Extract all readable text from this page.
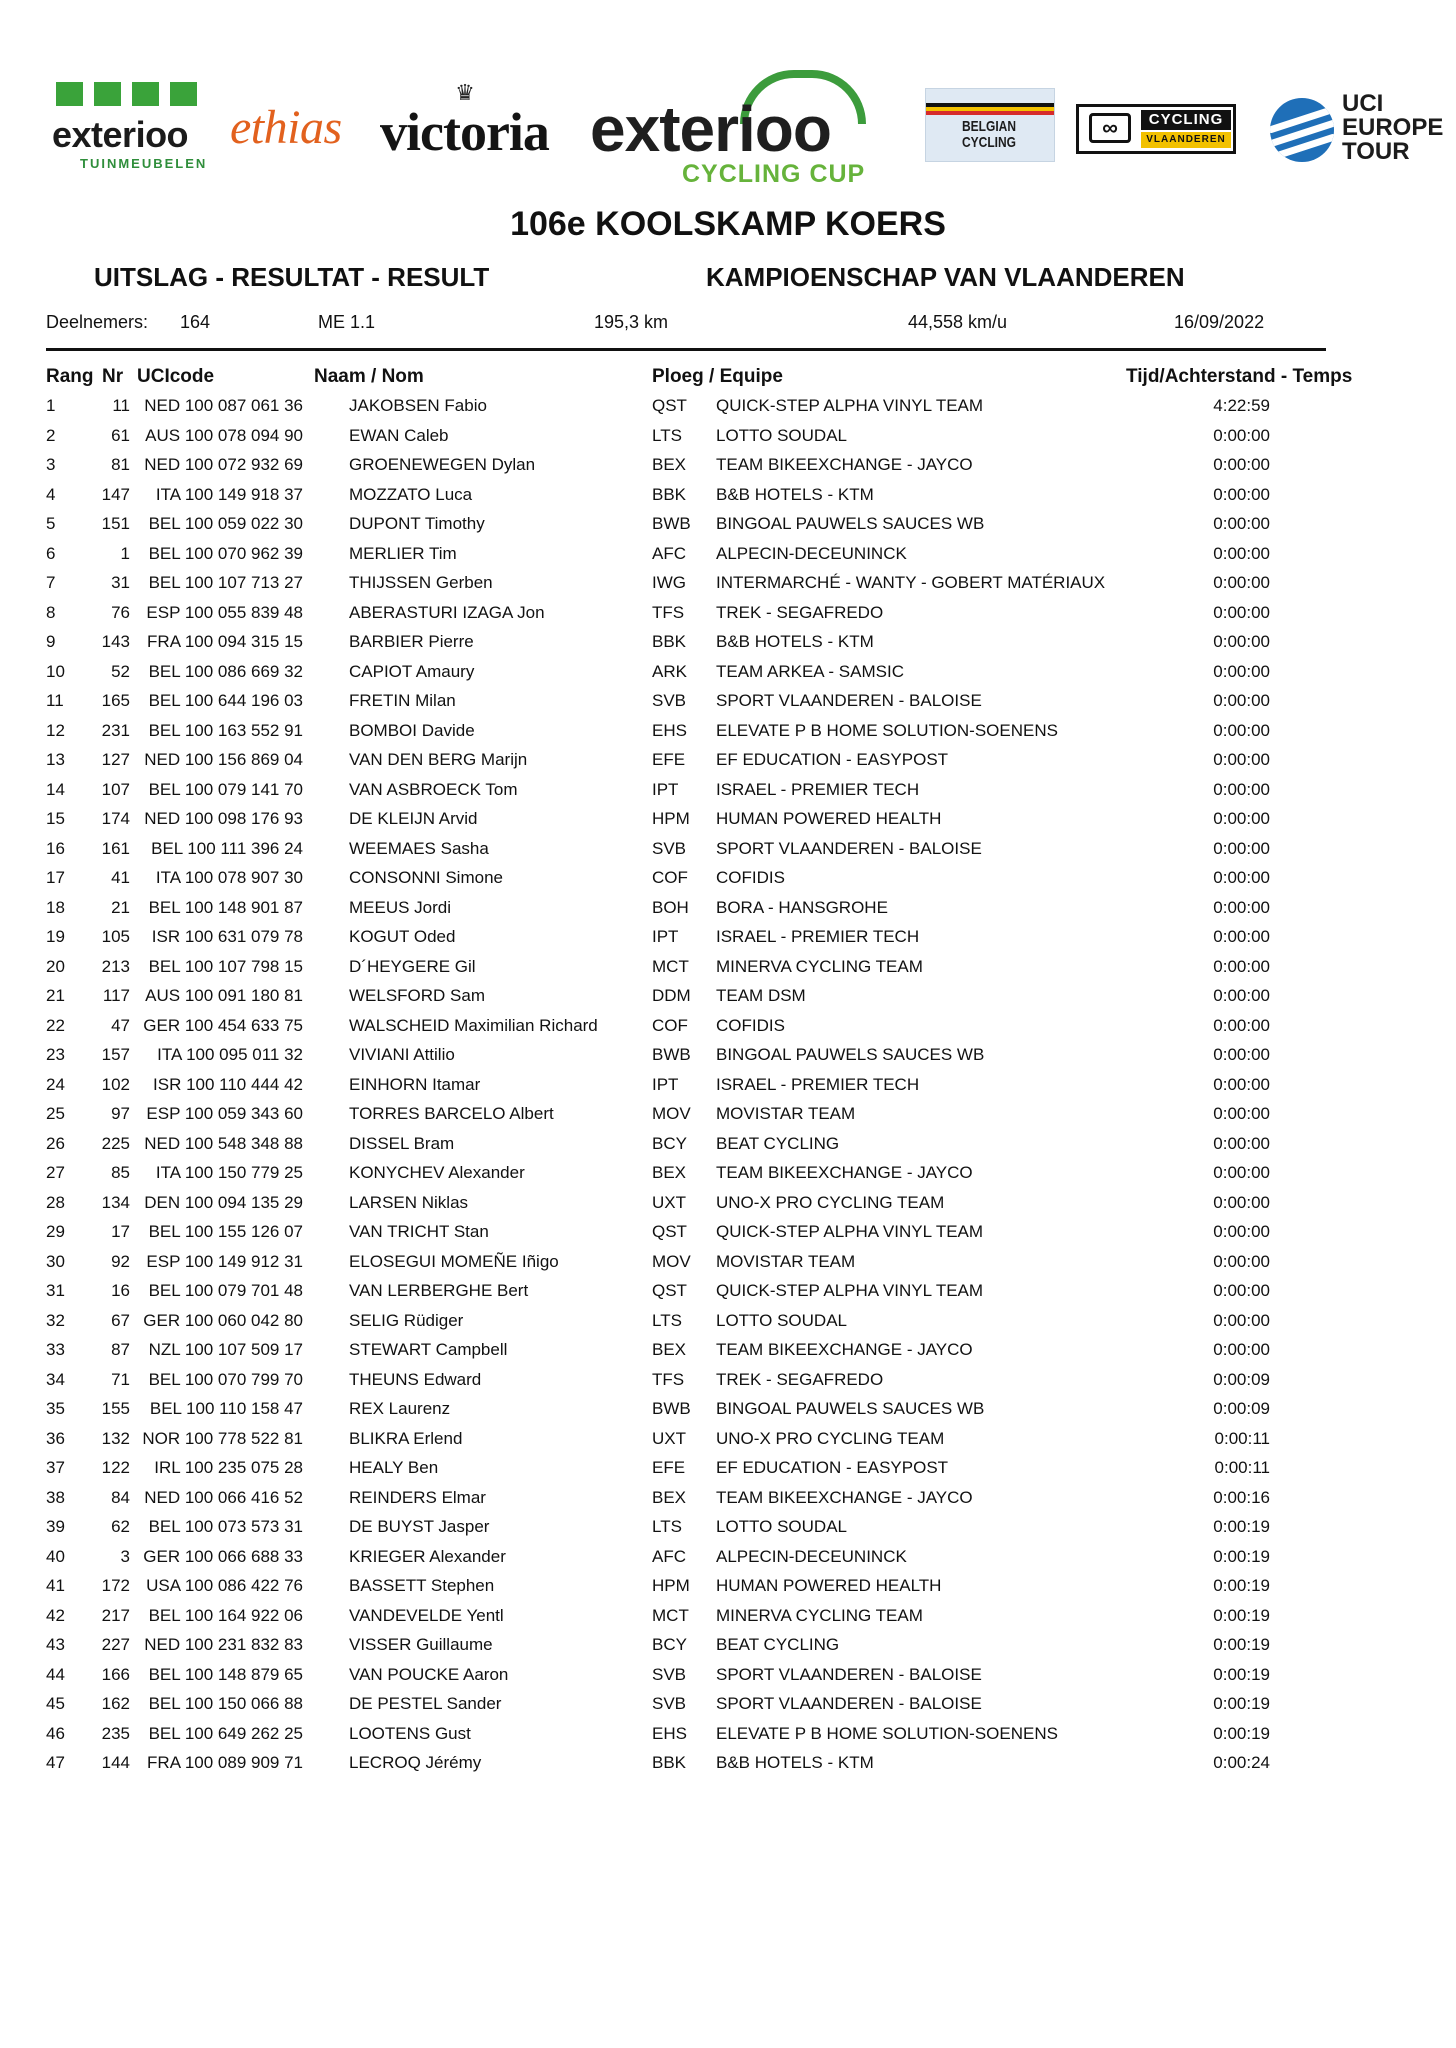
exterioo
TUINMEUBELEN
ethias
♛
victoria exterioo
CYCLING CUP
BELGIAN CYCLING
∞	CYCLING
VLAANDEREN
UCI
EUROPE
TOUR
106e KOOLSKAMP KOERS
UITSLAG - RESULTAT - RESULT	KAMPIOENSCHAP VAN VLAANDEREN
Deelnemers: 164	ME 1.1	195,3 km	44,558 km/u	16/09/2022
Rang Nr UCIcode	Naam / Nom	Ploeg / Equipe	Tijd/Achterstand - Temps
1	11 NED 100 087 061 36	JAKOBSEN Fabio	QST QUICK-STEP ALPHA VINYL TEAM	4:22:59
2	61 AUS 100 078 094 90	EWAN Caleb	LTS LOTTO SOUDAL	0:00:00
3	81 NED 100 072 932 69	GROENEWEGEN Dylan	BEX TEAM BIKEEXCHANGE - JAYCO	0:00:00
4	147	ITA 100 149 918 37	MOZZATO Luca	BBK B&B HOTELS - KTM	0:00:00
5	151	BEL 100 059 022 30	DUPONT Timothy	BWB BINGOAL PAUWELS SAUCES WB	0:00:00
6	1	BEL 100 070 962 39	MERLIER Tim	AFC ALPECIN-DECEUNINCK	0:00:00
7	31	BEL 100 107 713 27	THIJSSEN Gerben	IWG INTERMARCHÉ - WANTY - GOBERT MATÉRIAUX	0:00:00
8	76 ESP 100 055 839 48	ABERASTURI IZAGA Jon	TFS TREK - SEGAFREDO	0:00:00
9	143	FRA 100 094 315 15	BARBIER Pierre	BBK B&B HOTELS - KTM	0:00:00
10	52	BEL 100 086 669 32	CAPIOT Amaury	ARK TEAM ARKEA - SAMSIC	0:00:00
11	165	BEL 100 644 196 03	FRETIN Milan	SVB SPORT VLAANDEREN - BALOISE	0:00:00
12	231	BEL 100 163 552 91	BOMBOI Davide	EHS ELEVATE P B HOME SOLUTION-SOENENS	0:00:00
13	127 NED 100 156 869 04	VAN DEN BERG Marijn	EFE EF EDUCATION - EASYPOST	0:00:00
14	107	BEL 100 079 141 70	VAN ASBROECK Tom	IPT ISRAEL - PREMIER TECH	0:00:00
15	174 NED 100 098 176 93	DE KLEIJN Arvid	HPM HUMAN POWERED HEALTH	0:00:00
16	161	BEL 100 111 396 24	WEEMAES Sasha	SVB SPORT VLAANDEREN - BALOISE	0:00:00
17	41	ITA 100 078 907 30	CONSONNI Simone	COF COFIDIS	0:00:00
18	21	BEL 100 148 901 87	MEEUS Jordi	BOH BORA - HANSGROHE	0:00:00
19	105	ISR 100 631 079 78	KOGUT Oded	IPT ISRAEL - PREMIER TECH	0:00:00
20	213	BEL 100 107 798 15	D´HEYGERE Gil	MCT MINERVA CYCLING TEAM	0:00:00
21	117 AUS 100 091 180 81	WELSFORD Sam	DDM TEAM DSM	0:00:00
22	47 GER 100 454 633 75	WALSCHEID Maximilian Richard	COF COFIDIS	0:00:00
23	157	ITA 100 095 011 32	VIVIANI Attilio	BWB BINGOAL PAUWELS SAUCES WB	0:00:00
24	102	ISR 100 110 444 42	EINHORN Itamar	IPT ISRAEL - PREMIER TECH	0:00:00
25	97 ESP 100 059 343 60	TORRES BARCELO Albert	MOV MOVISTAR TEAM	0:00:00
26	225 NED 100 548 348 88	DISSEL Bram	BCY BEAT CYCLING	0:00:00
27	85	ITA 100 150 779 25	KONYCHEV Alexander	BEX TEAM BIKEEXCHANGE - JAYCO	0:00:00
28	134 DEN 100 094 135 29	LARSEN Niklas	UXT UNO-X PRO CYCLING TEAM	0:00:00
29	17	BEL 100 155 126 07	VAN TRICHT Stan	QST QUICK-STEP ALPHA VINYL TEAM	0:00:00
30	92 ESP 100 149 912 31	ELOSEGUI MOMEÑE Iñigo	MOV MOVISTAR TEAM	0:00:00
31	16	BEL 100 079 701 48	VAN LERBERGHE Bert	QST QUICK-STEP ALPHA VINYL TEAM	0:00:00
32	67 GER 100 060 042 80	SELIG Rüdiger	LTS LOTTO SOUDAL	0:00:00
33	87	NZL 100 107 509 17	STEWART Campbell	BEX TEAM BIKEEXCHANGE - JAYCO	0:00:00
34	71	BEL 100 070 799 70	THEUNS Edward	TFS TREK - SEGAFREDO	0:00:09
35	155	BEL 100 110 158 47	REX Laurenz	BWB BINGOAL PAUWELS SAUCES WB	0:00:09
36	132 NOR 100 778 522 81	BLIKRA Erlend	UXT UNO-X PRO CYCLING TEAM	0:00:11
37	122	IRL 100 235 075 28	HEALY Ben	EFE EF EDUCATION - EASYPOST	0:00:11
38	84 NED 100 066 416 52	REINDERS Elmar	BEX TEAM BIKEEXCHANGE - JAYCO	0:00:16
39	62	BEL 100 073 573 31	DE BUYST Jasper	LTS LOTTO SOUDAL	0:00:19
40	3 GER 100 066 688 33	KRIEGER Alexander	AFC ALPECIN-DECEUNINCK	0:00:19
41	172 USA 100 086 422 76	BASSETT Stephen	HPM HUMAN POWERED HEALTH	0:00:19
42	217	BEL 100 164 922 06	VANDEVELDE Yentl	MCT MINERVA CYCLING TEAM	0:00:19
43	227 NED 100 231 832 83	VISSER Guillaume	BCY BEAT CYCLING	0:00:19
44	166	BEL 100 148 879 65	VAN POUCKE Aaron	SVB SPORT VLAANDEREN - BALOISE	0:00:19
45	162	BEL 100 150 066 88	DE PESTEL Sander	SVB SPORT VLAANDEREN - BALOISE	0:00:19
46	235	BEL 100 649 262 25	LOOTENS Gust	EHS ELEVATE P B HOME SOLUTION-SOENENS	0:00:19
47	144	FRA 100 089 909 71	LECROQ Jérémy	BBK B&B HOTELS - KTM	0:00:24
